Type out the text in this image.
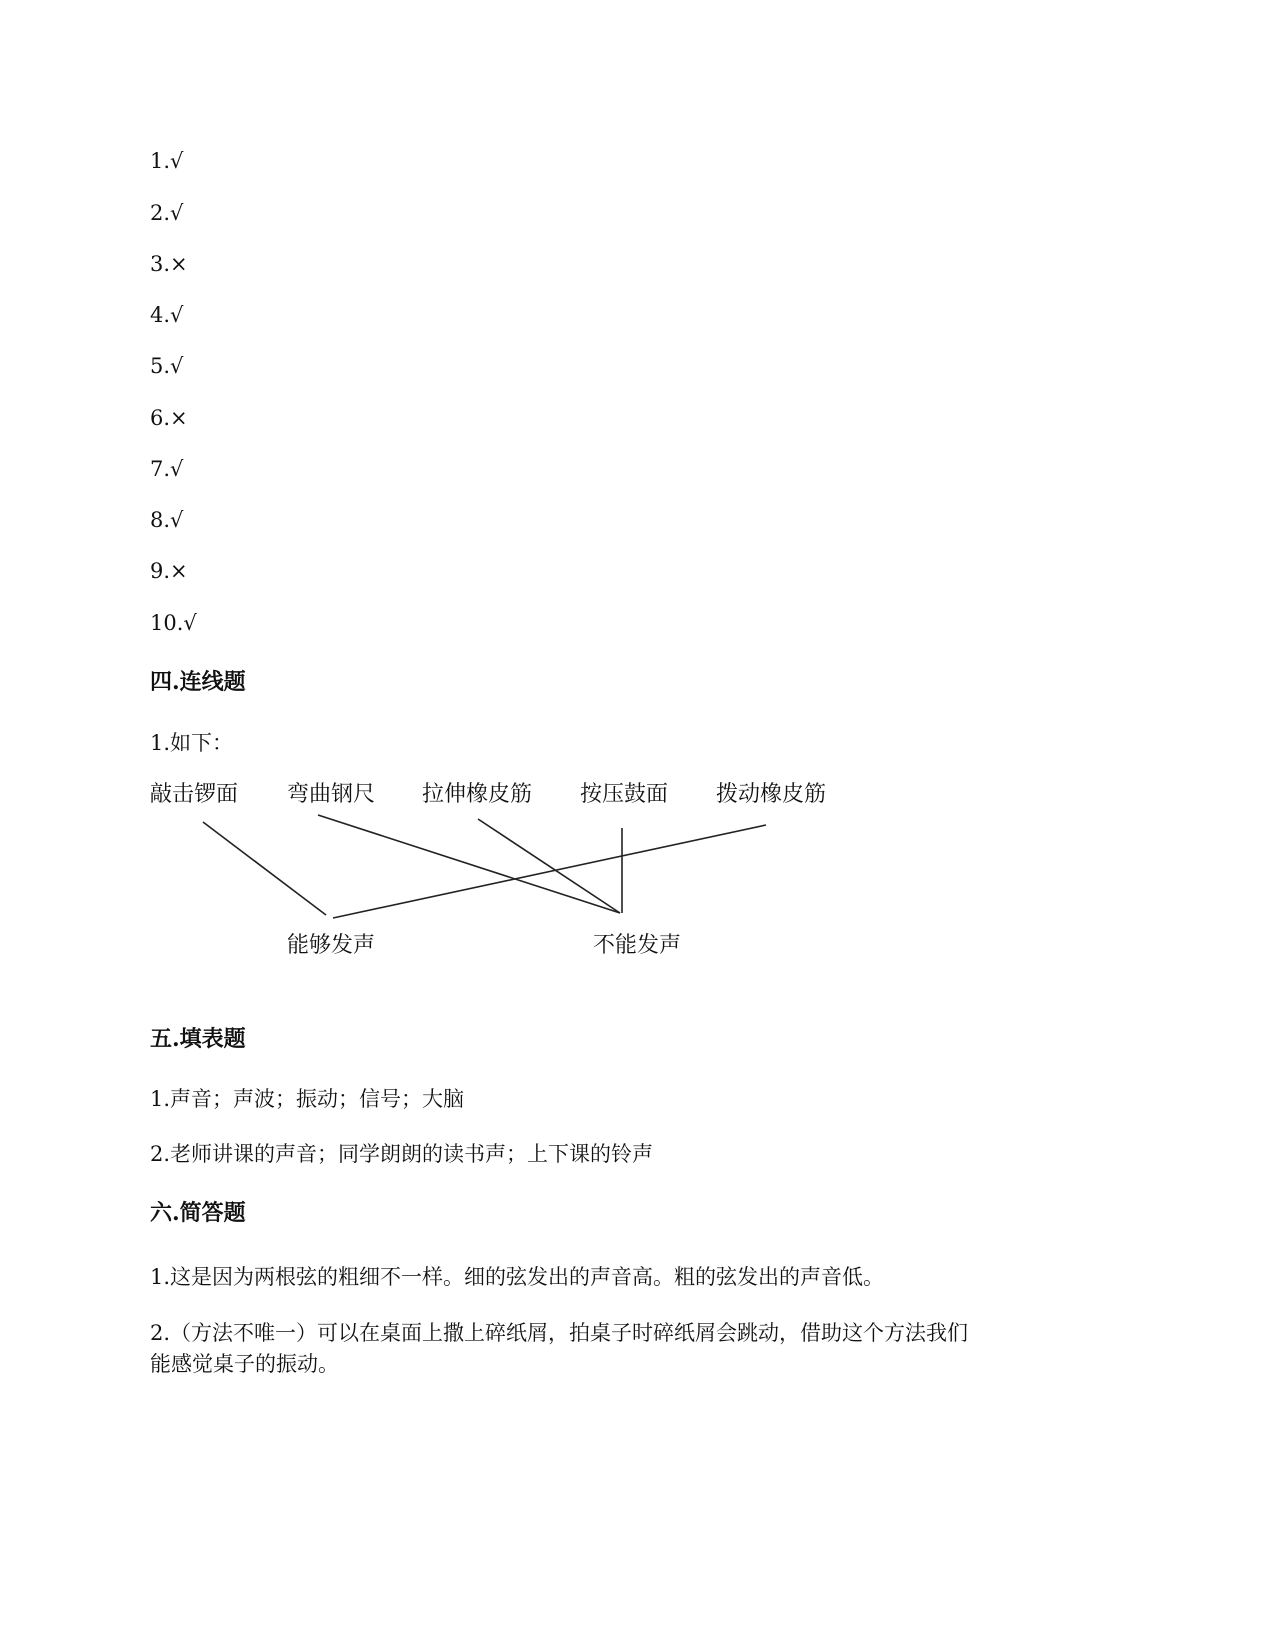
1.√
2.√
3.×
4.√
5.√
6.×
7.√
8.√
9.×
10.√
四.连线题
1.如下：
敲击锣面 弯曲钢尺 拉伸橡皮筋 按压鼓面 拨动橡皮筋
能够发声	不能发声
五.填表题
1.声音；声波；振动；信号；大脑
2.老师讲课的声音；同学朗朗的读书声；上下课的铃声
六.简答题
1.这是因为两根弦的粗细不一样。细的弦发出的声音高。粗的弦发出的声音低。
2.（方法不唯一）可以在桌面上撒上碎纸屑，拍桌子时碎纸屑会跳动，借助这个方法我们
能感觉桌子的振动。
